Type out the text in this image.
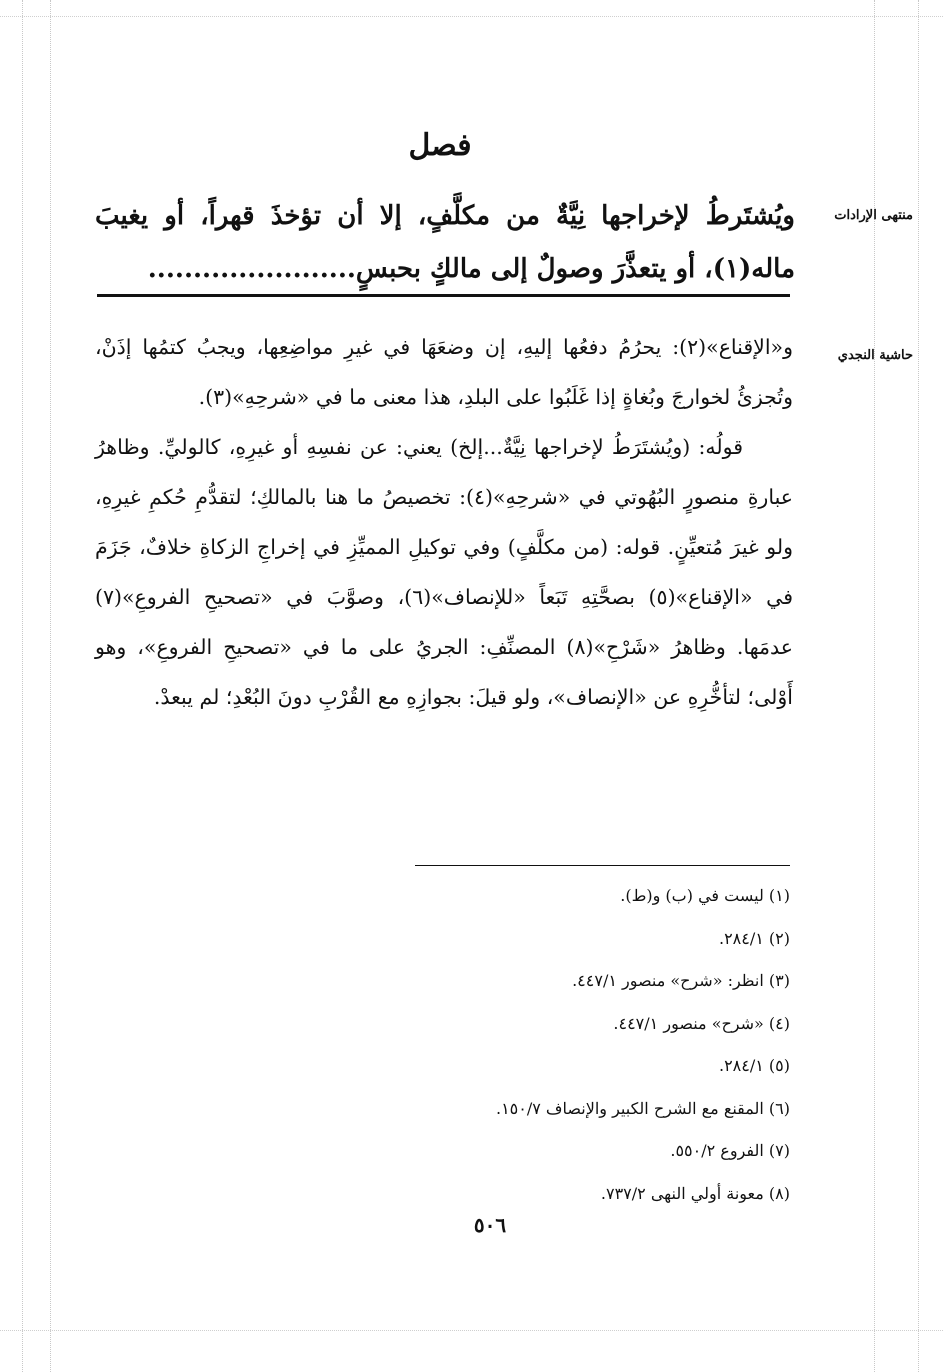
فصل
منتهى الإرادات
حاشية النجدي
ويُشتَرطُ لإخراجها نِيَّةٌ من مكلَّفٍ، إلا أن تؤخذَ قهراً، أو يغيبَ ماله(١)، أو يتعذَّرَ وصولٌ إلى مالكٍ بحبسٍ.......................

و«الإقناع»(٢): يحرُمُ دفعُها إليهِ، إن وضعَهَا في غيرِ مواضِعِها، ويجبُ كتمُها إذَنْ، وتُجزئُ لخوارجَ وبُغاةٍ إذا غَلَبُوا على البلدِ، هذا معنى ما في «شرحِهِ»(٣).

قولُه: (ويُشتَرَطُ لإخراجها نِيَّةٌ...إلخ) يعني: عن نفسِهِ أو غيرِهِ، كالوليِّ. وظاهرُ عبارةِ منصورٍ البُهُوتي في «شرحِهِ»(٤): تخصيصُ ما هنا بالمالكِ؛ لتقدُّمِ حُكمِ غيرِهِ، ولو غيرَ مُتعيِّنٍ. قوله: (من مكلَّفٍ) وفي توكيلِ المميِّزِ في إخراجِ الزكاةِ خلافٌ، جَزَمَ في «الإقناع»(٥) بصحَّتِهِ تَبَعاً «للإنصاف»(٦)، وصوَّبَ في «تصحيحِ الفروعِ»(٧) عدمَها. وظاهرُ «شَرْحِ»(٨) المصنِّفِ: الجريُ على ما في «تصحيحِ الفروعِ»، وهو أَوْلى؛ لتأخُّرِهِ عن «الإنصاف»، ولو قيلَ: بجوازِهِ مع القُرْبِ دونَ البُعْدِ؛ لم يبعدْ.

(١) ليست في (ب) و(ط).
(٢) ٢٨٤/١.
(٣) انظر: «شرح» منصور ٤٤٧/١.
(٤) «شرح» منصور ٤٤٧/١.
(٥) ٢٨٤/١.
(٦) المقنع مع الشرح الكبير والإنصاف ١٥٠/٧.
(٧) الفروع ٥٥٠/٢.
(٨) معونة أولي النهى ٧٣٧/٢.
٥٠٦
